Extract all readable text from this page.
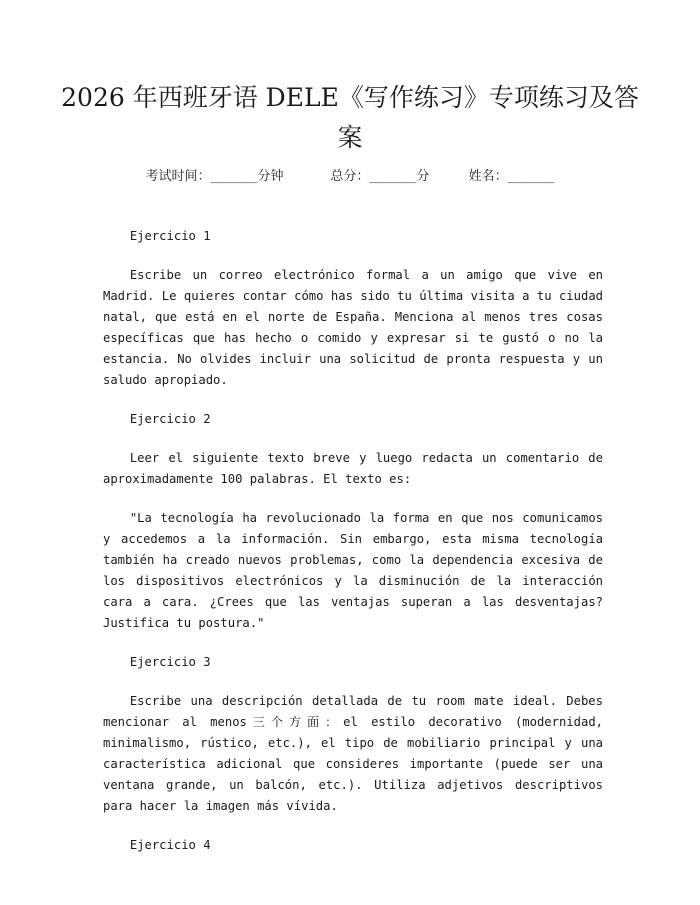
2026 年西班牙语 DELE《写作练习》专项练习及答案
考试时间：______分钟	总分：______分	姓名：______

Ejercicio 1

Escribe un correo electrónico formal a un amigo que vive en Madrid. Le quieres contar cómo has sido tu última visita a tu ciudad natal, que está en el norte de España. Menciona al menos tres cosas específicas que has hecho o comido y expresar si te gustó o no la estancia. No olvides incluir una solicitud de pronta respuesta y un saludo apropiado.

Ejercicio 2

Leer el siguiente texto breve y luego redacta un comentario de aproximadamente 100 palabras. El texto es:

"La tecnología ha revolucionado la forma en que nos comunicamos y accedemos a la información. Sin embargo, esta misma tecnología también ha creado nuevos problemas, como la dependencia excesiva de los dispositivos electrónicos y la disminución de la interacción cara a cara. ¿Crees que las ventajas superan a las desventajas? Justifica tu postura."

Ejercicio 3

Escribe una descripción detallada de tu room mate ideal. Debes mencionar al menos三个方面：el estilo decorativo (modernidad, minimalismo, rústico, etc.), el tipo de mobiliario principal y una característica adicional que consideres importante (puede ser una ventana grande, un balcón, etc.). Utiliza adjetivos descriptivos para hacer la imagen más vívida.

Ejercicio 4
